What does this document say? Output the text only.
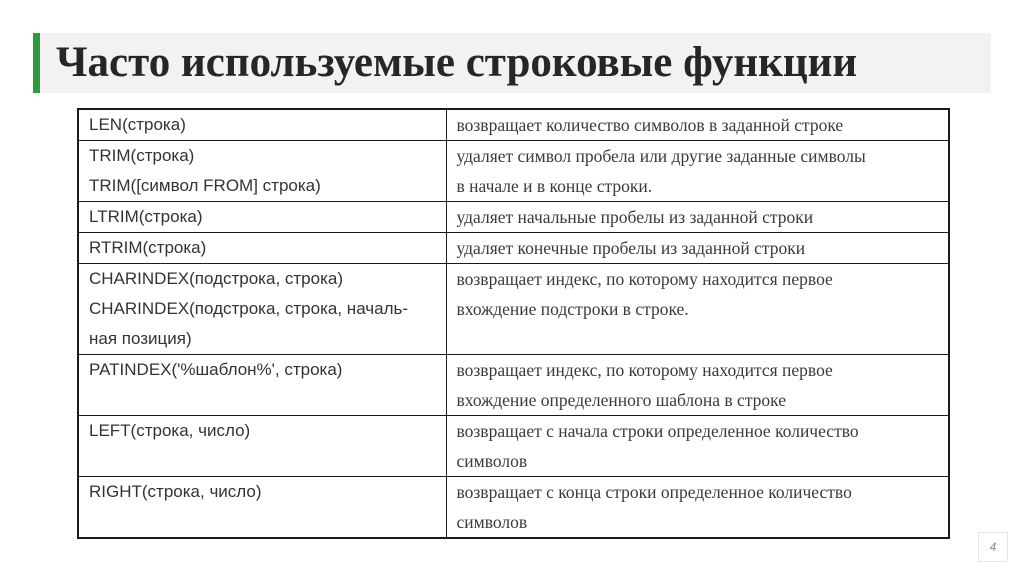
Часто используемые строковые функции
LEN(строка)	возвращает количество символов в заданной строке

TRIM(строка)
TRIM([символ FROM] строка)	удаляет символ пробела или другие заданные символы
в начале и в конце строки.

LTRIM(строка)	удаляет начальные пробелы из заданной строки

RTRIM(строка)	удаляет конечные пробелы из заданной строки

CHARINDEX(подстрока, строка)
CHARINDEX(подстрока, строка, началь-
ная позиция)	возвращает индекс, по которому находится первое
вхождение подстроки в строке.

PATINDEX('%шаблон%', строка)	возвращает индекс, по которому находится первое
вхождение определенного шаблона в строке

LEFT(строка, число)	возвращает с начала строки определенное количество
символов

RIGHT(строка, число)	возвращает с конца строки определенное количество
символов
4
